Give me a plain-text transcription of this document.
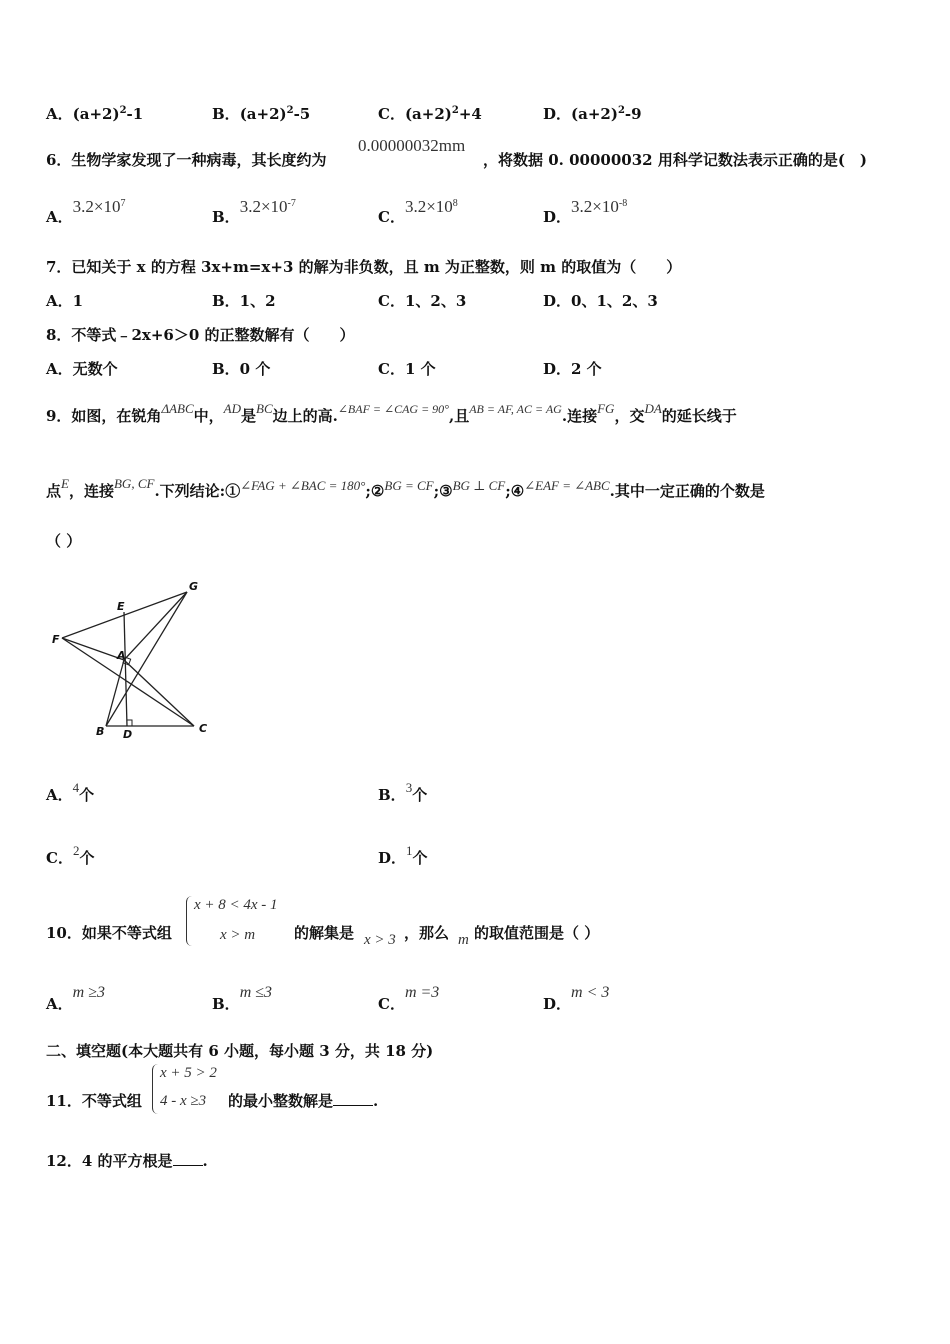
A．$(a+2)^2-1$	B．$(a+2)^2-5$	C．$(a+2)^2+4$	D．$(a+2)^2-9$
6．生物学家发现了一种病毒，其长度约为
0.00000032mm
，将数据 0. 00000032 用科学记数法表示正确的是(　)
A．$3.2\times 10^7$
B．$3.2\times 10^{-7}$
C．$3.2\times 10^8$
D．$3.2\times 10^{-8}$
7．已知关于 x 的方程 3x+m=x+3 的解为非负数，且 m 为正整数，则 m 的取值为（　　）
A．1	B．1、2	C．1、2、3	D．0、1、2、3
8．不等式﹣2x+6＞0 的正整数解有（　　）
A．无数个	B．0 个	C．1 个	D．2 个
9．如图，在锐角ΔABC中，AD是BC边上的高.$^{\angle BAF = \angle CAG = 90^\circ}$,且$^{AB = AF, AC = AG}$.连接FG，交DA的延长线于
点E，连接BG, CF.下列结论:①∠FAG + ∠BAC = 180°;②BG = CF;③BG ⊥ CF;④∠EAF = ∠ABC.其中一定正确的个数是
（ ）
G
E
F
A
B D	C
A．4个	B．3个
C．2个	D．1个
10．如果不等式组
x + 8 < 4x - 1
x > m	的解集是 x > 3 ，那么 m 的取值范围是（ ）
A．m ≥3
B．m ≤3
C．m =3
D．m < 3
二、填空题(本大题共有 6 小题，每小题 3 分，共 18 分)
11．不等式组
x + 5 > 2
4 - x ≥3 的最小整数解是	.
12．4 的平方根是 .
